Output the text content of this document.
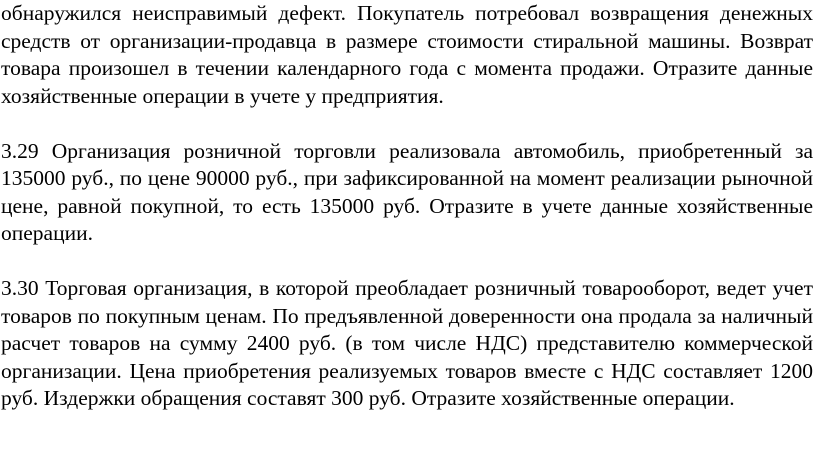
обнаружился неисправимый дефект. Покупатель потребовал возвращения денежных средств от организации-продавца в размере стоимости стиральной машины. Возврат товара произошел в течении календарного года с момента продажи. Отразите данные хозяйственные операции в учете у предприятия.

3.29 Организация розничной торговли реализовала автомобиль, приобретенный за 135000 руб., по цене 90000 руб., при зафиксированной на момент реализации рыночной цене, равной покупной, то есть 135000 руб. Отразите в учете данные хозяйственные операции.

3.30 Торговая организация, в которой преобладает розничный товарооборот, ведет учет товаров по покупным ценам. По предъявленной доверенности она продала за наличный расчет товаров на сумму 2400 руб. (в том числе НДС) представителю коммерческой организации. Цена приобретения реализуемых товаров вместе с НДС составляет 1200 руб. Издержки обращения составят 300 руб. Отразите хозяйственные операции.
